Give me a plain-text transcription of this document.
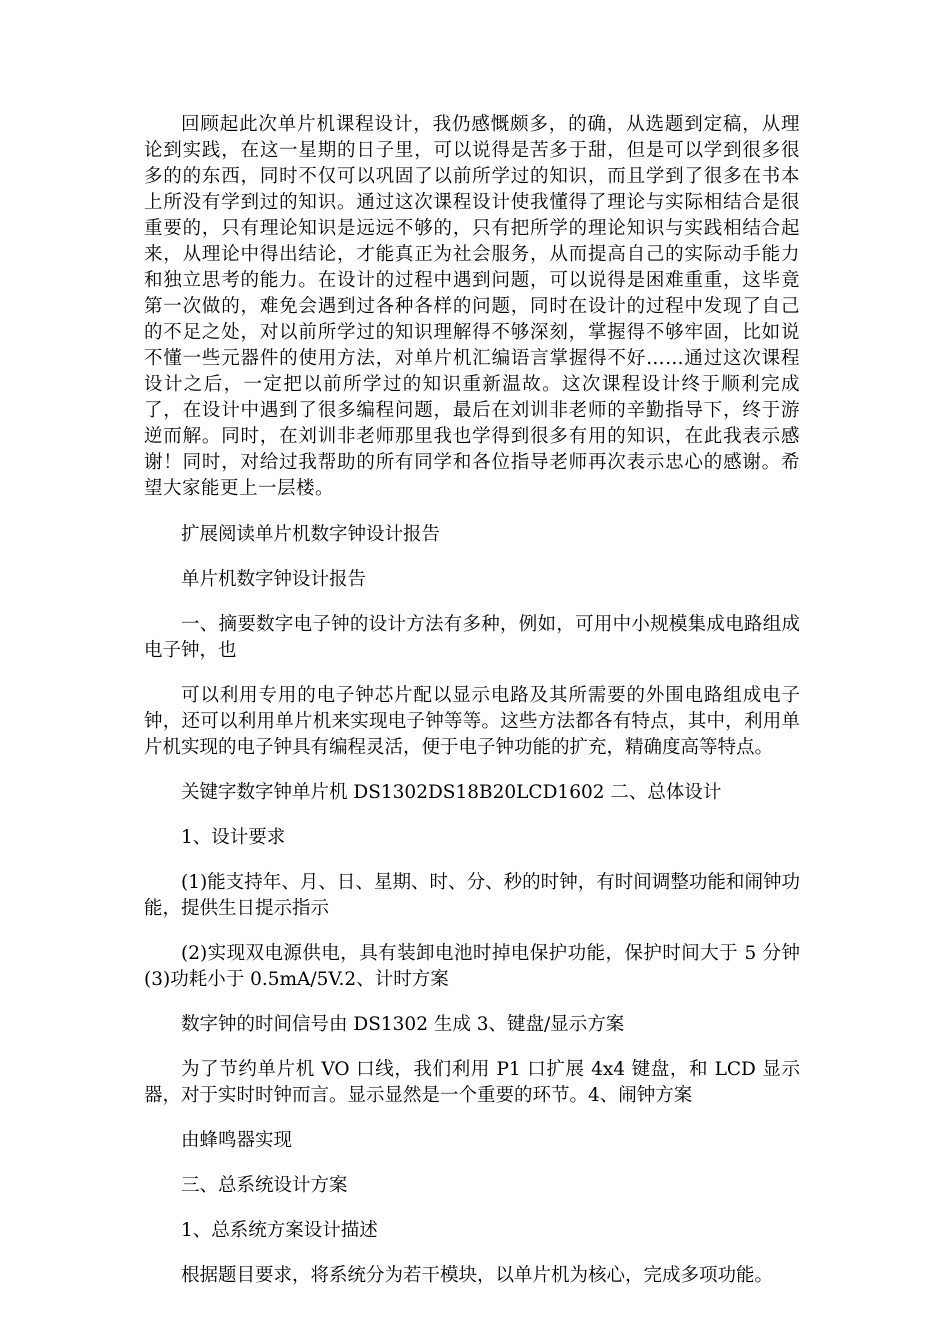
回顾起此次单片机课程设计，我仍感慨颇多，的确，从选题到定稿，从理论到实践，在这一星期的日子里，可以说得是苦多于甜，但是可以学到很多很多的的东西，同时不仅可以巩固了以前所学过的知识，而且学到了很多在书本上所没有学到过的知识。通过这次课程设计使我懂得了理论与实际相结合是很重要的，只有理论知识是远远不够的，只有把所学的理论知识与实践相结合起来，从理论中得出结论，才能真正为社会服务，从而提高自己的实际动手能力和独立思考的能力。在设计的过程中遇到问题，可以说得是困难重重，这毕竟第一次做的，难免会遇到过各种各样的问题，同时在设计的过程中发现了自己的不足之处，对以前所学过的知识理解得不够深刻，掌握得不够牢固，比如说不懂一些元器件的使用方法，对单片机汇编语言掌握得不好……通过这次课程设计之后，一定把以前所学过的知识重新温故。这次课程设计终于顺利完成了，在设计中遇到了很多编程问题，最后在刘训非老师的辛勤指导下，终于游逆而解。同时，在刘训非老师那里我也学得到很多有用的知识，在此我表示感谢！同时，对给过我帮助的所有同学和各位指导老师再次表示忠心的感谢。希望大家能更上一层楼。

扩展阅读单片机数字钟设计报告

单片机数字钟设计报告

一、摘要数字电子钟的设计方法有多种，例如，可用中小规模集成电路组成电子钟，也

可以利用专用的电子钟芯片配以显示电路及其所需要的外围电路组成电子钟，还可以利用单片机来实现电子钟等等。这些方法都各有特点，其中，利用单片机实现的电子钟具有编程灵活，便于电子钟功能的扩充，精确度高等特点。

关键字数字钟单片机 DS1302DS18B20LCD1602 二、总体设计

1、设计要求

(1)能支持年、月、日、星期、时、分、秒的时钟，有时间调整功能和闹钟功能，提供生日提示指示

(2)实现双电源供电，具有装卸电池时掉电保护功能，保护时间大于 5 分钟(3)功耗小于 0.5mA/5V.2、计时方案

数字钟的时间信号由 DS1302 生成 3、键盘/显示方案

为了节约单片机 VO 口线，我们利用 P1 口扩展 4x4 键盘，和 LCD 显示器，对于实时时钟而言。显示显然是一个重要的环节。4、闹钟方案

由蜂鸣器实现

三、总系统设计方案

1、总系统方案设计描述

根据题目要求，将系统分为若干模块，以单片机为核心，完成多项功能。
